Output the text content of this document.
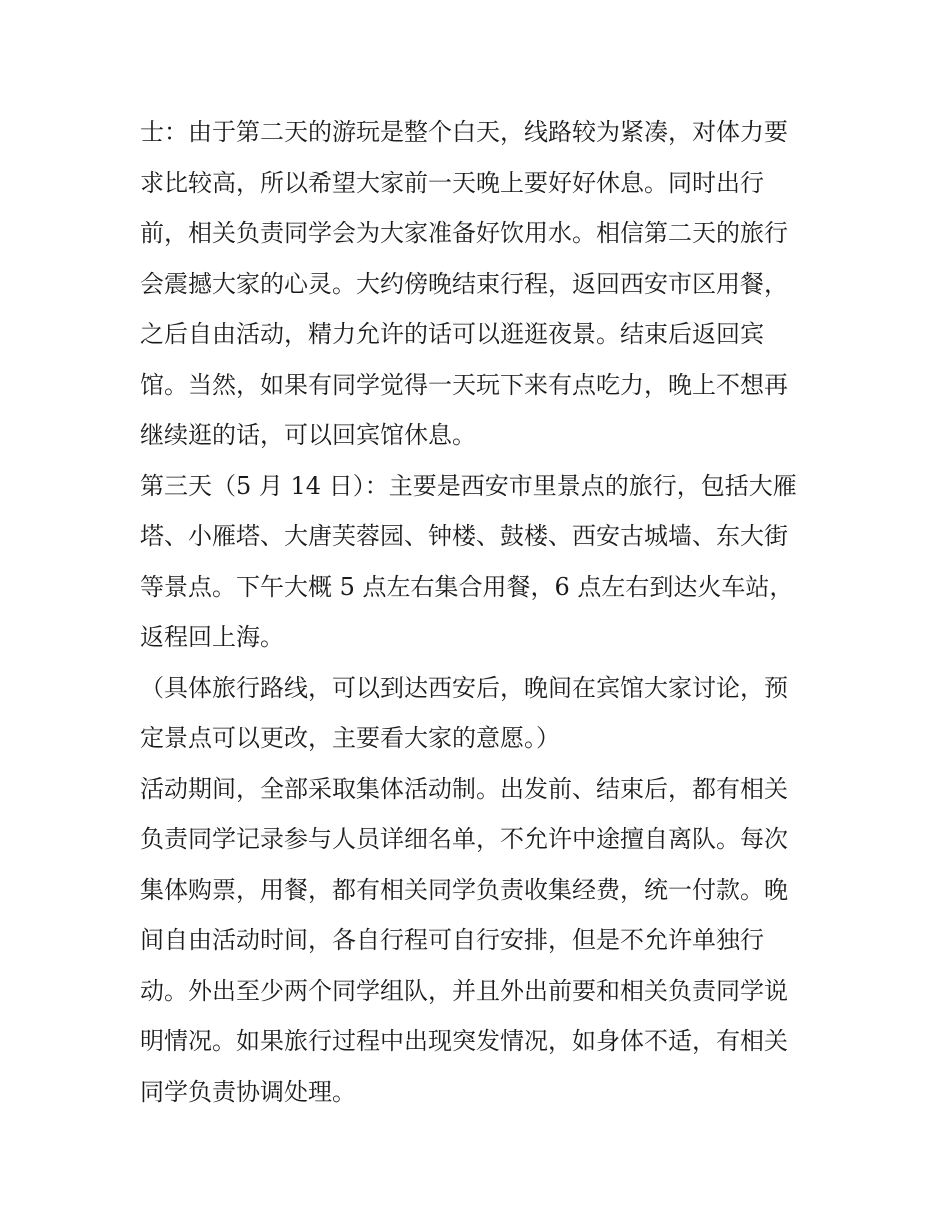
士：由于第二天的游玩是整个白天，线路较为紧凑，对体力要
求比较高，所以希望大家前一天晚上要好好休息。同时出行
前，相关负责同学会为大家准备好饮用水。相信第二天的旅行
会震撼大家的心灵。大约傍晚结束行程，返回西安市区用餐，
之后自由活动，精力允许的话可以逛逛夜景。结束后返回宾
馆。当然，如果有同学觉得一天玩下来有点吃力，晚上不想再
继续逛的话，可以回宾馆休息。
第三天（5 月 14 日）：主要是西安市里景点的旅行，包括大雁
塔、小雁塔、大唐芙蓉园、钟楼、鼓楼、西安古城墙、东大街
等景点。下午大概 5 点左右集合用餐，6 点左右到达火车站，
返程回上海。
（具体旅行路线，可以到达西安后，晚间在宾馆大家讨论，预
定景点可以更改，主要看大家的意愿。）
活动期间，全部采取集体活动制。出发前、结束后，都有相关
负责同学记录参与人员详细名单，不允许中途擅自离队。每次
集体购票，用餐，都有相关同学负责收集经费，统一付款。晚
间自由活动时间，各自行程可自行安排，但是不允许单独行
动。外出至少两个同学组队，并且外出前要和相关负责同学说
明情况。如果旅行过程中出现突发情况，如身体不适，有相关
同学负责协调处理。
